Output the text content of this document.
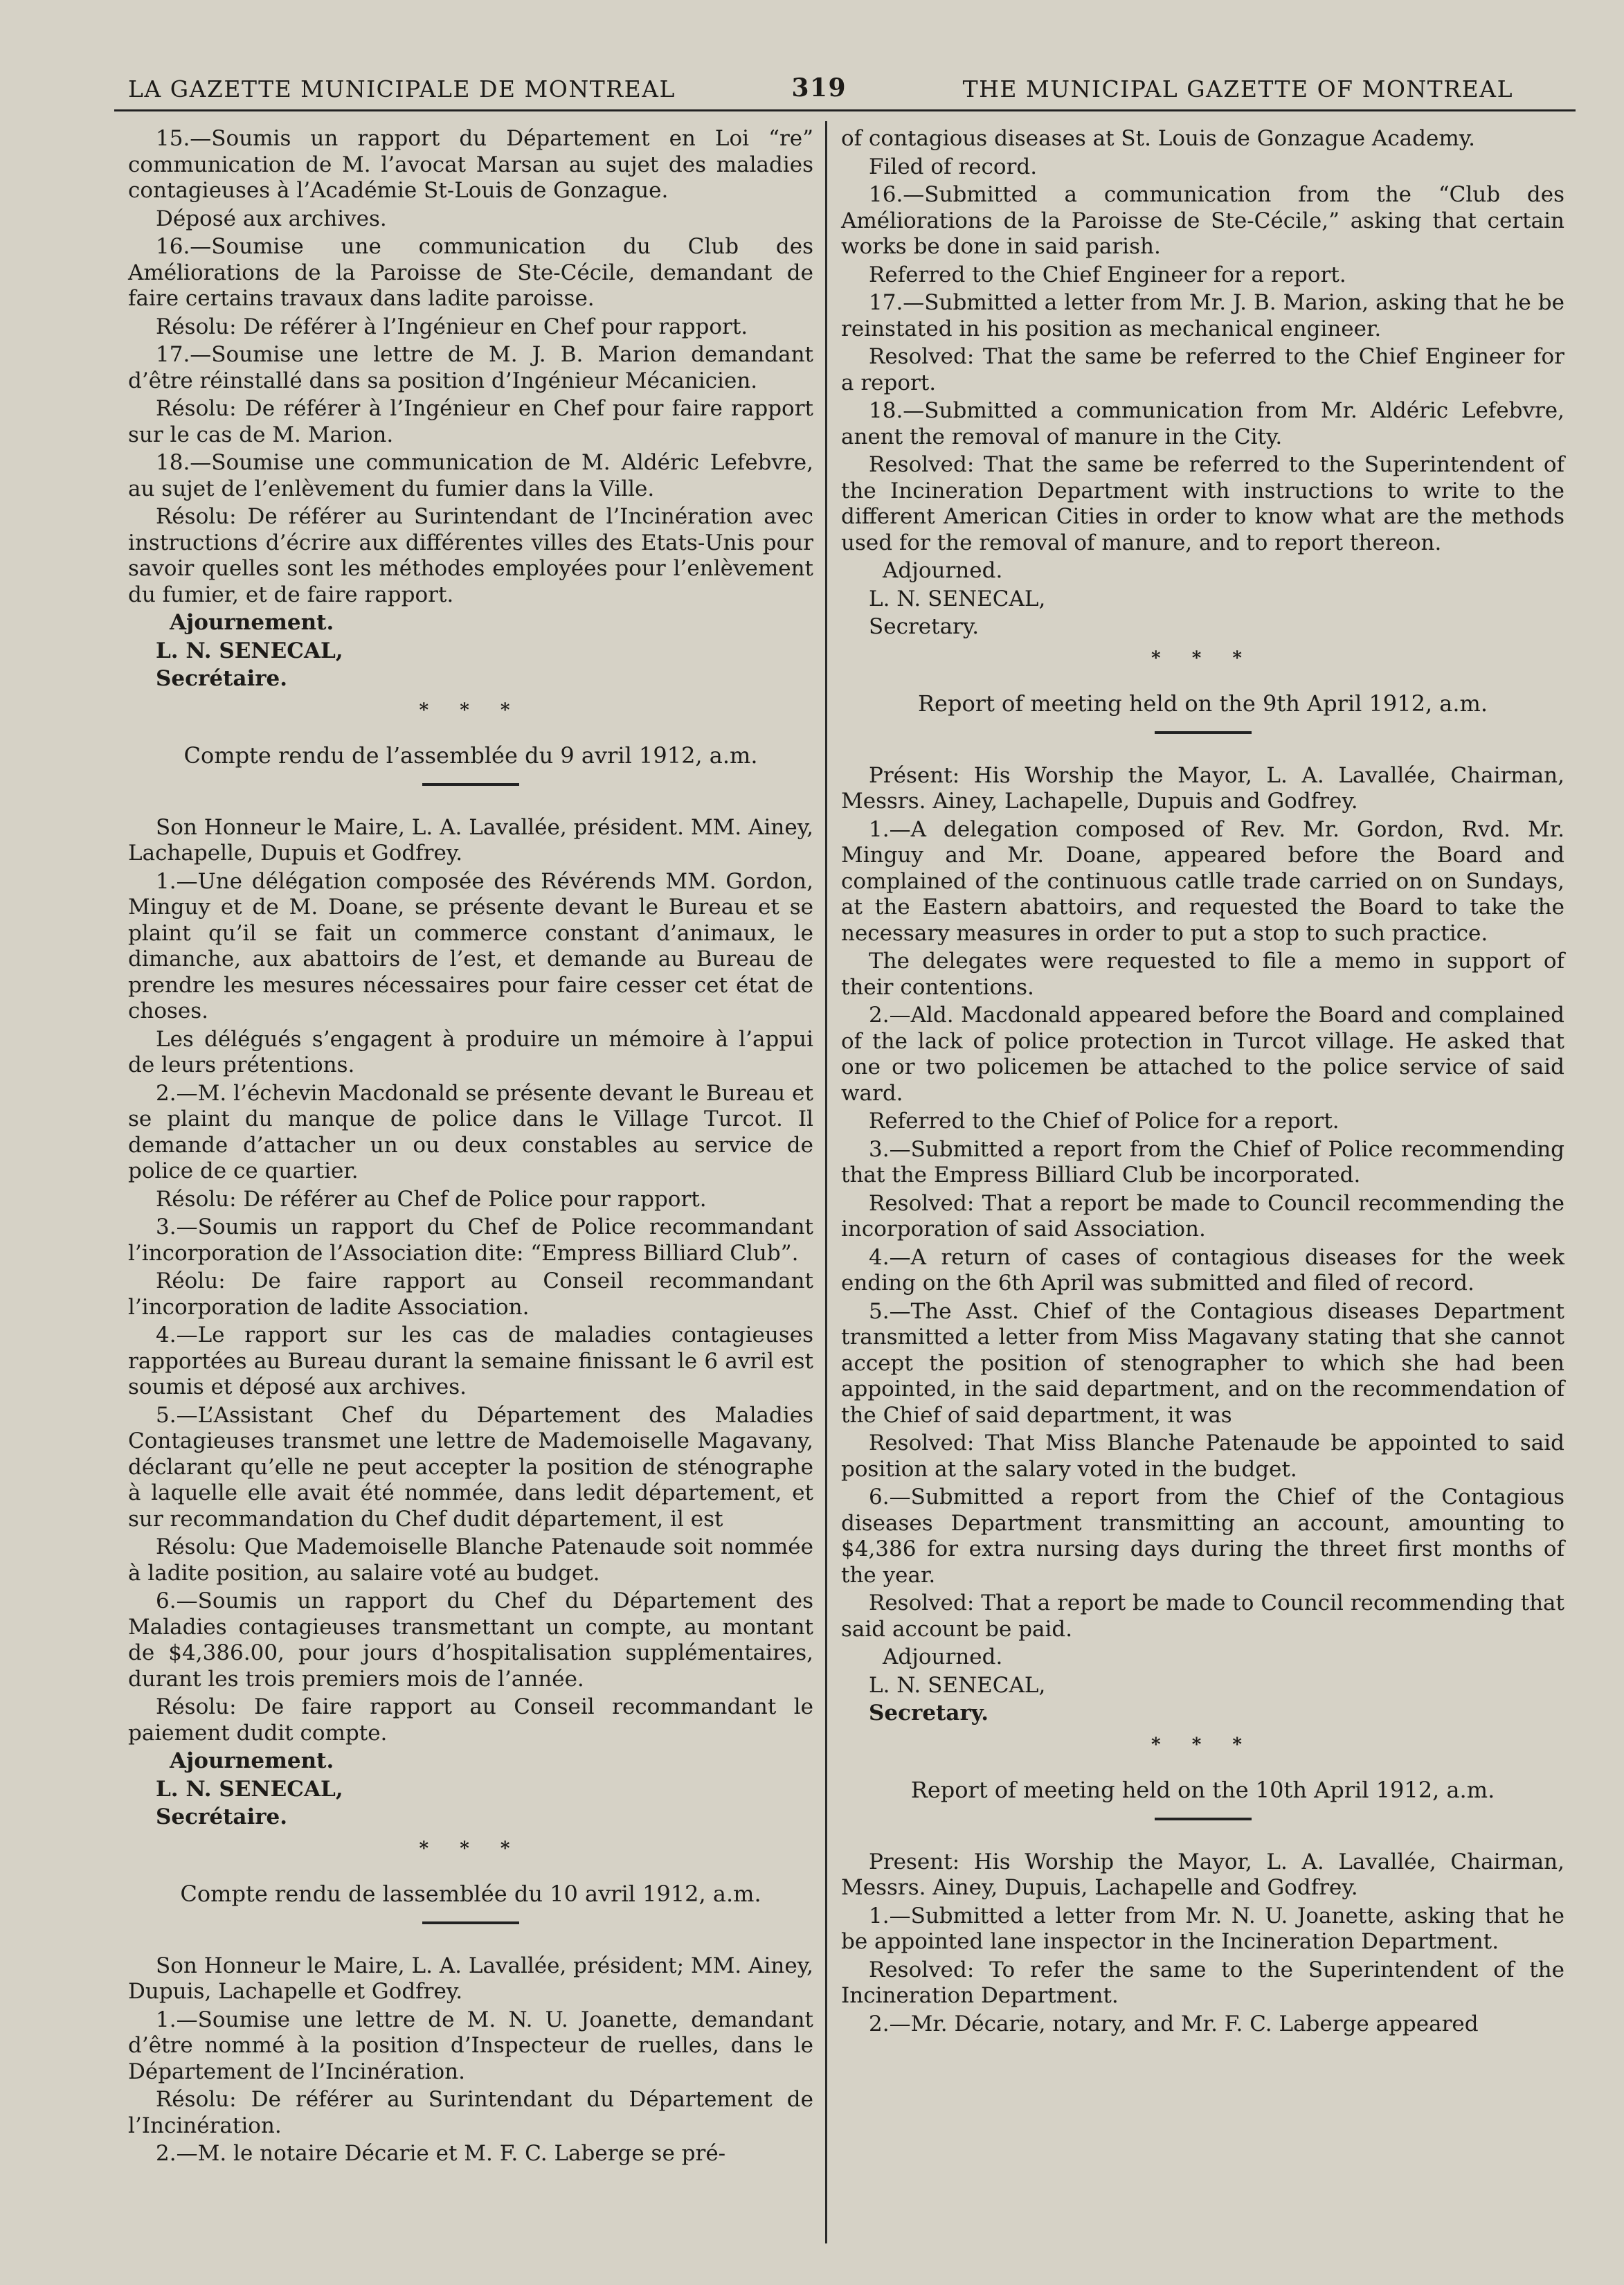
LA GAZETTE MUNICIPALE DE MONTREAL	319	THE MUNICIPAL GAZETTE OF MONTREAL

15.—Soumis un rapport du Département en Loi “re” communication de M. l’avocat Marsan au sujet des maladies contagieuses à l’Académie St-Louis de Gonzague.

Déposé aux archives.

16.—Soumise une communication du Club des Améliorations de la Paroisse de Ste-Cécile, demandant de faire certains travaux dans ladite paroisse.

Résolu: De référer à l’Ingénieur en Chef pour rapport.

17.—Soumise une lettre de M. J. B. Marion demandant d’être réinstallé dans sa position d’Ingénieur Mécanicien.

Résolu: De référer à l’Ingénieur en Chef pour faire rapport sur le cas de M. Marion.

18.—Soumise une communication de M. Aldéric Lefebvre, au sujet de l’enlèvement du fumier dans la Ville.

Résolu: De référer au Surintendant de l’Incinération avec instructions d’écrire aux différentes villes des Etats-Unis pour savoir quelles sont les méthodes employées pour l’enlèvement du fumier, et de faire rapport.

Ajournement.

L. N. SENECAL,

Secrétaire.

* * *
Compte rendu de l’assemblée du 9 avril 1912, a.m.

Son Honneur le Maire, L. A. Lavallée, président. MM. Ainey, Lachapelle, Dupuis et Godfrey.

1.—Une délégation composée des Révérends MM. Gordon, Minguy et de M. Doane, se présente devant le Bureau et se plaint qu’il se fait un commerce constant d’animaux, le dimanche, aux abattoirs de l’est, et demande au Bureau de prendre les mesures nécessaires pour faire cesser cet état de choses.

Les délégués s’engagent à produire un mémoire à l’appui de leurs prétentions.

2.—M. l’échevin Macdonald se présente devant le Bureau et se plaint du manque de police dans le Village Turcot. Il demande d’attacher un ou deux constables au service de police de ce quartier.

Résolu: De référer au Chef de Police pour rapport.

3.—Soumis un rapport du Chef de Police recommandant l’incorporation de l’Association dite: “Empress Billiard Club”.

Réolu: De faire rapport au Conseil recommandant l’incorporation de ladite Association.

4.—Le rapport sur les cas de maladies contagieuses rapportées au Bureau durant la semaine finissant le 6 avril est soumis et déposé aux archives.

5.—L’Assistant Chef du Département des Maladies Contagieuses transmet une lettre de Mademoiselle Magavany, déclarant qu’elle ne peut accepter la position de sténographe à laquelle elle avait été nommée, dans ledit département, et sur recommandation du Chef dudit département, il est

Résolu: Que Mademoiselle Blanche Patenaude soit nommée à ladite position, au salaire voté au budget.

6.—Soumis un rapport du Chef du Département des Maladies contagieuses transmettant un compte, au montant de $4,386.00, pour jours d’hospitalisation supplémentaires, durant les trois premiers mois de l’année.

Résolu: De faire rapport au Conseil recommandant le paiement dudit compte.

Ajournement.

L. N. SENECAL,

Secrétaire.

* * *
Compte rendu de lassemblée du 10 avril 1912, a.m.

Son Honneur le Maire, L. A. Lavallée, président; MM. Ainey, Dupuis, Lachapelle et Godfrey.

1.—Soumise une lettre de M. N. U. Joanette, demandant d’être nommé à la position d’Inspecteur de ruelles, dans le Département de l’Incinération.

Résolu: De référer au Surintendant du Département de l’Incinération.

2.—M. le notaire Décarie et M. F. C. Laberge se pré-

of contagious diseases at St. Louis de Gonzague Academy.

Filed of record.

16.—Submitted a communication from the “Club des Améliorations de la Paroisse de Ste-Cécile,” asking that certain works be done in said parish.

Referred to the Chief Engineer for a report.

17.—Submitted a letter from Mr. J. B. Marion, asking that he be reinstated in his position as mechanical engineer.

Resolved: That the same be referred to the Chief Engineer for a report.

18.—Submitted a communication from Mr. Aldéric Lefebvre, anent the removal of manure in the City.

Resolved: That the same be referred to the Superintendent of the Incineration Department with instructions to write to the different American Cities in order to know what are the methods used for the removal of manure, and to report thereon.

Adjourned.

L. N. SENECAL,

Secretary.

* * *
Report of meeting held on the 9th April 1912, a.m.

Présent: His Worship the Mayor, L. A. Lavallée, Chairman, Messrs. Ainey, Lachapelle, Dupuis and Godfrey.

1.—A delegation composed of Rev. Mr. Gordon, Rvd. Mr. Minguy and Mr. Doane, appeared before the Board and complained of the continuous catlle trade carried on on Sundays, at the Eastern abattoirs, and requested the Board to take the necessary measures in order to put a stop to such practice.

The delegates were requested to file a memo in support of their contentions.

2.—Ald. Macdonald appeared before the Board and complained of the lack of police protection in Turcot village. He asked that one or two policemen be attached to the police service of said ward.

Referred to the Chief of Police for a report.

3.—Submitted a report from the Chief of Police recommending that the Empress Billiard Club be incorporated.

Resolved: That a report be made to Council recommending the incorporation of said Association.

4.—A return of cases of contagious diseases for the week ending on the 6th April was submitted and filed of record.

5.—The Asst. Chief of the Contagious diseases Department transmitted a letter from Miss Magavany stating that she cannot accept the position of stenographer to which she had been appointed, in the said department, and on the recommendation of the Chief of said department, it was

Resolved: That Miss Blanche Patenaude be appointed to said position at the salary voted in the budget.

6.—Submitted a report from the Chief of the Contagious diseases Department transmitting an account, amounting to $4,386 for extra nursing days during the threet first months of the year.

Resolved: That a report be made to Council recommending that said account be paid.

Adjourned.

L. N. SENECAL,

Secretary.

* * *
Report of meeting held on the 10th April 1912, a.m.

Present: His Worship the Mayor, L. A. Lavallée, Chairman, Messrs. Ainey, Dupuis, Lachapelle and Godfrey.

1.—Submitted a letter from Mr. N. U. Joanette, asking that he be appointed lane inspector in the Incineration Department.

Resolved: To refer the same to the Superintendent of the Incineration Department.

2.—Mr. Décarie, notary, and Mr. F. C. Laberge appeared
